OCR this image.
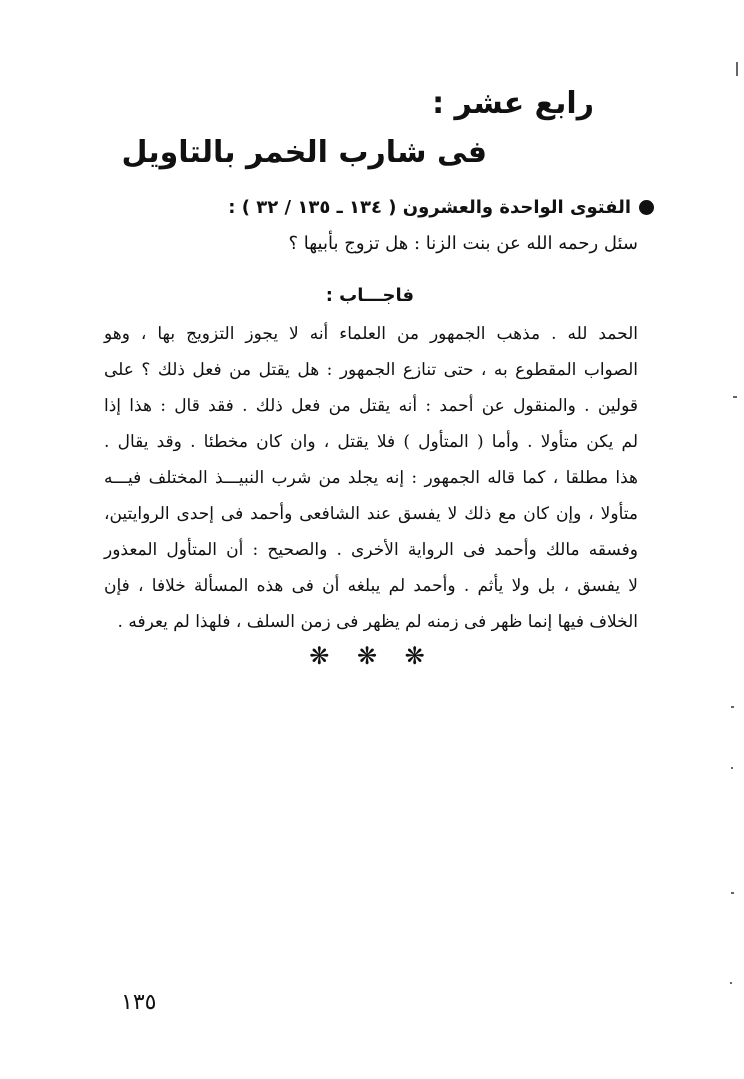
رابع عشر :
فى شارب الخمر بالتاويل
الفتوى الواحدة والعشرون ( ١٣٤ ـ ١٣٥ / ٣٢ ) :
سئل رحمه الله عن بنت الزنا : هل تزوج بأبيها ؟
فاجـــاب :
الحمد لله . مذهب الجمهور من العلماء أنه لا يجوز التزويج بها ، وهو
الصواب المقطوع به ، حتى تنازع الجمهور : هل يقتل من فعل ذلك ؟ على
قولين . والمنقول عن أحمد : أنه يقتل من فعل ذلك . فقد قال : هذا إذا
لم يكن متأولا . وأما ( المتأول ) فلا يقتل ، وان كان مخطئا . وقد يقال .
هذا مطلقا ، كما قاله الجمهور : إنه يجلد من شرب النبيـــذ المختلف فيـــه
متأولا ، وإن كان مع ذلك لا يفسق عند الشافعى وأحمد فى إحدى الروايتين،
وفسقه مالك وأحمد فى الرواية الأخرى . والصحيح : أن المتأول المعذور
لا يفسق ، بل ولا يأثم . وأحمد لم يبلغه أن فى هذه المسألة خلافا ، فإن
الخلاف فيها إنما ظهر فى زمنه لم يظهر فى زمن السلف ، فلهذا لم يعرفه .
❋ ❋ ❋
١٣٥
